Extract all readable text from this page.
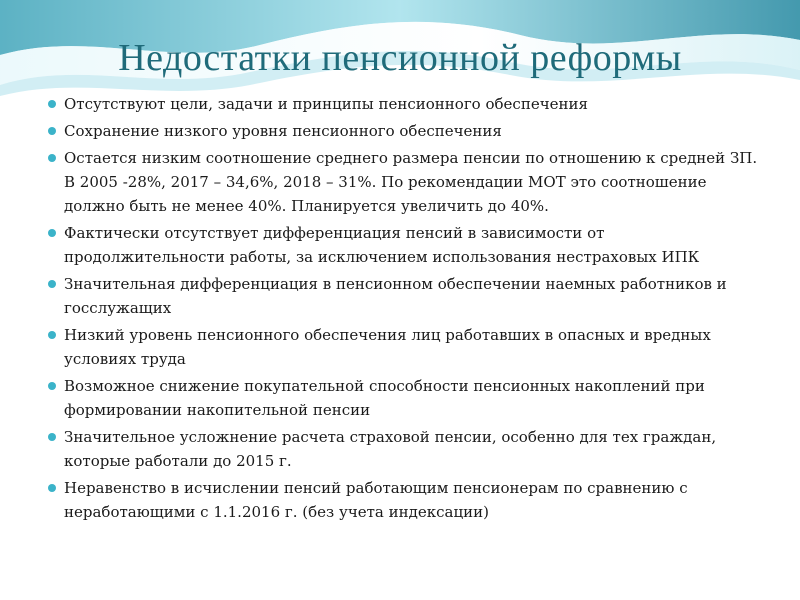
Недостатки пенсионной реформы
Отсутствуют цели, задачи и принципы пенсионного обеспечения
Сохранение низкого уровня пенсионного обеспечения
Остается низким соотношение среднего размера пенсии по отношению к средней ЗП. В 2005 -28%, 2017 – 34,6%, 2018 – 31%. По рекомендации МОТ это соотношение должно быть не менее 40%. Планируется увеличить до 40%.
Фактически отсутствует дифференциация пенсий в зависимости от продолжительности работы, за исключением использования нестраховых ИПК
Значительная дифференциация в пенсионном обеспечении наемных работников и госслужащих
Низкий уровень пенсионного обеспечения лиц работавших в опасных и вредных условиях труда
Возможное снижение покупательной способности пенсионных накоплений при формировании накопительной пенсии
Значительное усложнение расчета страховой пенсии, особенно для тех граждан, которые работали до 2015 г.
Неравенство в исчислении пенсий работающим пенсионерам по сравнению с неработающими с 1.1.2016 г. (без учета индексации)
